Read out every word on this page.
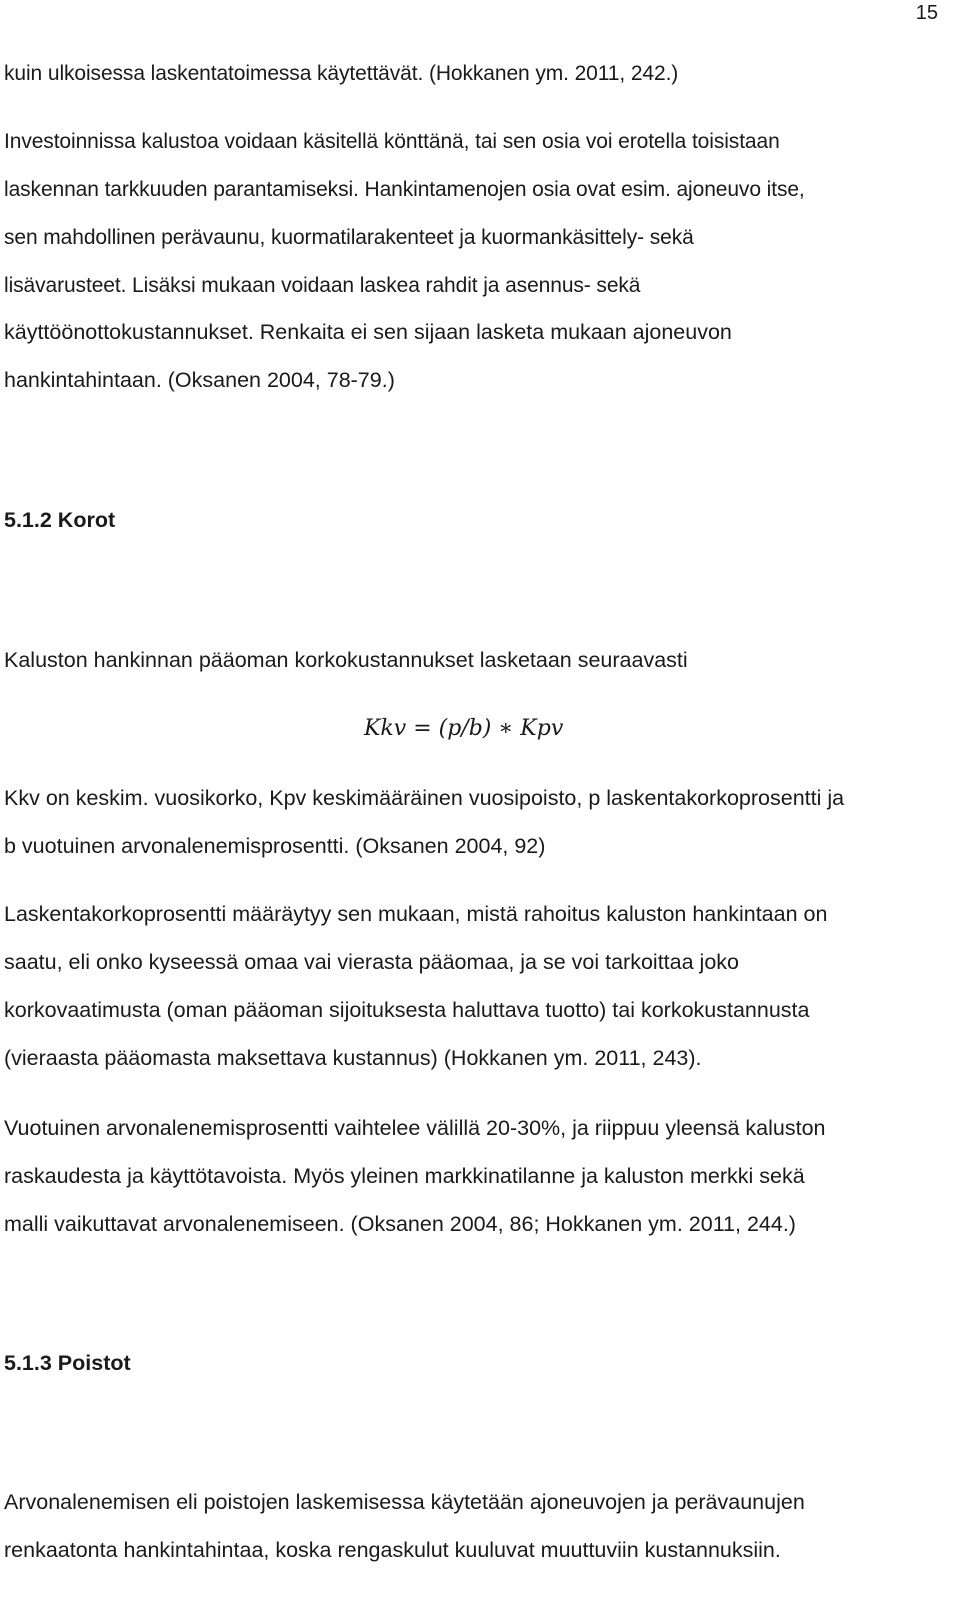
15
kuin ulkoisessa laskentatoimessa käytettävät. (Hokkanen ym. 2011, 242.)
Investoinnissa kalustoa voidaan käsitellä könttänä, tai sen osia voi erotella toisistaan
laskennan tarkkuuden parantamiseksi. Hankintamenojen osia ovat esim. ajoneuvo itse,
sen mahdollinen perävaunu, kuormatilarakenteet ja kuormankäsittely- sekä
lisävarusteet. Lisäksi mukaan voidaan laskea rahdit ja asennus- sekä
käyttöönottokustannukset. Renkaita ei sen sijaan lasketa mukaan ajoneuvon
hankintahintaan. (Oksanen 2004, 78-79.)
5.1.2 Korot
Kaluston hankinnan pääoman korkokustannukset lasketaan seuraavasti
Kkv = (p/b) ∗ Kpv
Kkv on keskim. vuosikorko, Kpv keskimääräinen vuosipoisto, p laskentakorkoprosentti ja
b vuotuinen arvonalenemisprosentti. (Oksanen 2004, 92)
Laskentakorkoprosentti määräytyy sen mukaan, mistä rahoitus kaluston hankintaan on
saatu, eli onko kyseessä omaa vai vierasta pääomaa, ja se voi tarkoittaa joko
korkovaatimusta (oman pääoman sijoituksesta haluttava tuotto) tai korkokustannusta
(vieraasta pääomasta maksettava kustannus) (Hokkanen ym. 2011, 243).
Vuotuinen arvonalenemisprosentti vaihtelee välillä 20-30%, ja riippuu yleensä kaluston
raskaudesta ja käyttötavoista. Myös yleinen markkinatilanne ja kaluston merkki sekä
malli vaikuttavat arvonalenemiseen. (Oksanen 2004, 86; Hokkanen ym. 2011, 244.)
5.1.3 Poistot
Arvonalenemisen eli poistojen laskemisessa käytetään ajoneuvojen ja perävaunujen
renkaatonta hankintahintaa, koska rengaskulut kuuluvat muuttuviin kustannuksiin.
